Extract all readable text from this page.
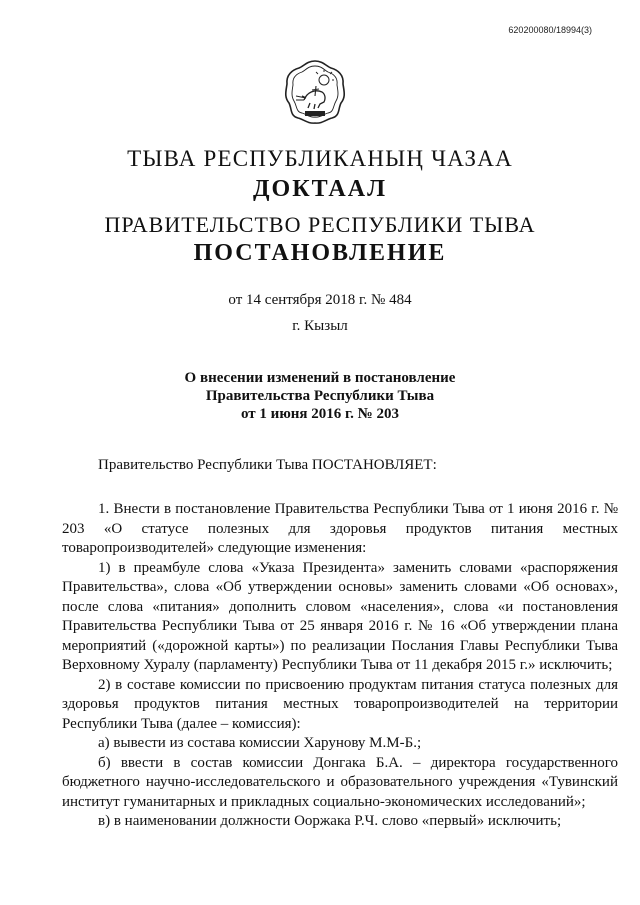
620200080/18994(3)
ТЫВА РЕСПУБЛИКАНЫҢ ЧАЗАА
ДОКТААЛ
ПРАВИТЕЛЬСТВО РЕСПУБЛИКИ ТЫВА
ПОСТАНОВЛЕНИЕ
от 14 сентября 2018 г. № 484
г. Кызыл
О внесении изменений в постановление
Правительства Республики Тыва
от 1 июня 2016 г. № 203

Правительство Республики Тыва ПОСТАНОВЛЯЕТ:

1. Внести в постановление Правительства Республики Тыва от 1 июня 2016 г. № 203 «О статусе полезных для здоровья продуктов питания местных товаропроизводителей» следующие изменения:

1) в преамбуле слова «Указа Президента» заменить словами «распоряжения Правительства», слова «Об утверждении основы» заменить словами «Об основах», после слова «питания» дополнить словом «населения», слова «и постановления Правительства Республики Тыва от 25 января 2016 г. № 16 «Об утверждении плана мероприятий («дорожной карты») по реализации Послания Главы Республики Тыва Верховному Хуралу (парламенту) Республики Тыва от 11 декабря 2015 г.» исключить;

2) в составе комиссии по присвоению продуктам питания статуса полезных для здоровья продуктов питания местных товаропроизводителей на территории Республики Тыва (далее – комиссия):

а) вывести из состава комиссии Харунову М.М-Б.;

б) ввести в состав комиссии Донгака Б.А. – директора государственного бюджетного научно-исследовательского и образовательного учреждения «Тувинский институт гуманитарных и прикладных социально-экономических исследований»;

в) в наименовании должности Ооржака Р.Ч. слово «первый» исключить;
